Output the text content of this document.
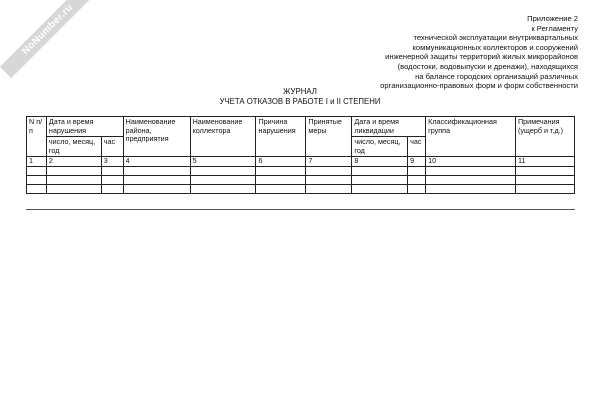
NoNumber.ru	Приложение 2
к Регламенту
технической эксплуатации внутриквартальных
коммуникационных коллекторов и сооружений
инженерной защиты территорий жилых микрорайонов
(водостоки, водовыпуски и дренажи), находящихся
на балансе городских организаций различных
организационно-правовых форм и форм собственности
ЖУРНАЛ
УЧЕТА ОТКАЗОВ В РАБОТЕ I и II СТЕПЕНИ
N п/п	Дата и время нарушения		Наименование района, предприятия	Наименование коллектора	Причина нарушения	Принятые меры	Дата и время ликвидации		Классификационная группа	Примечания (ущерб и т.д.)
	число, месяц, год	час					число, месяц, год	час		
1	2	3	4	5	6	7	8	9	10	11
